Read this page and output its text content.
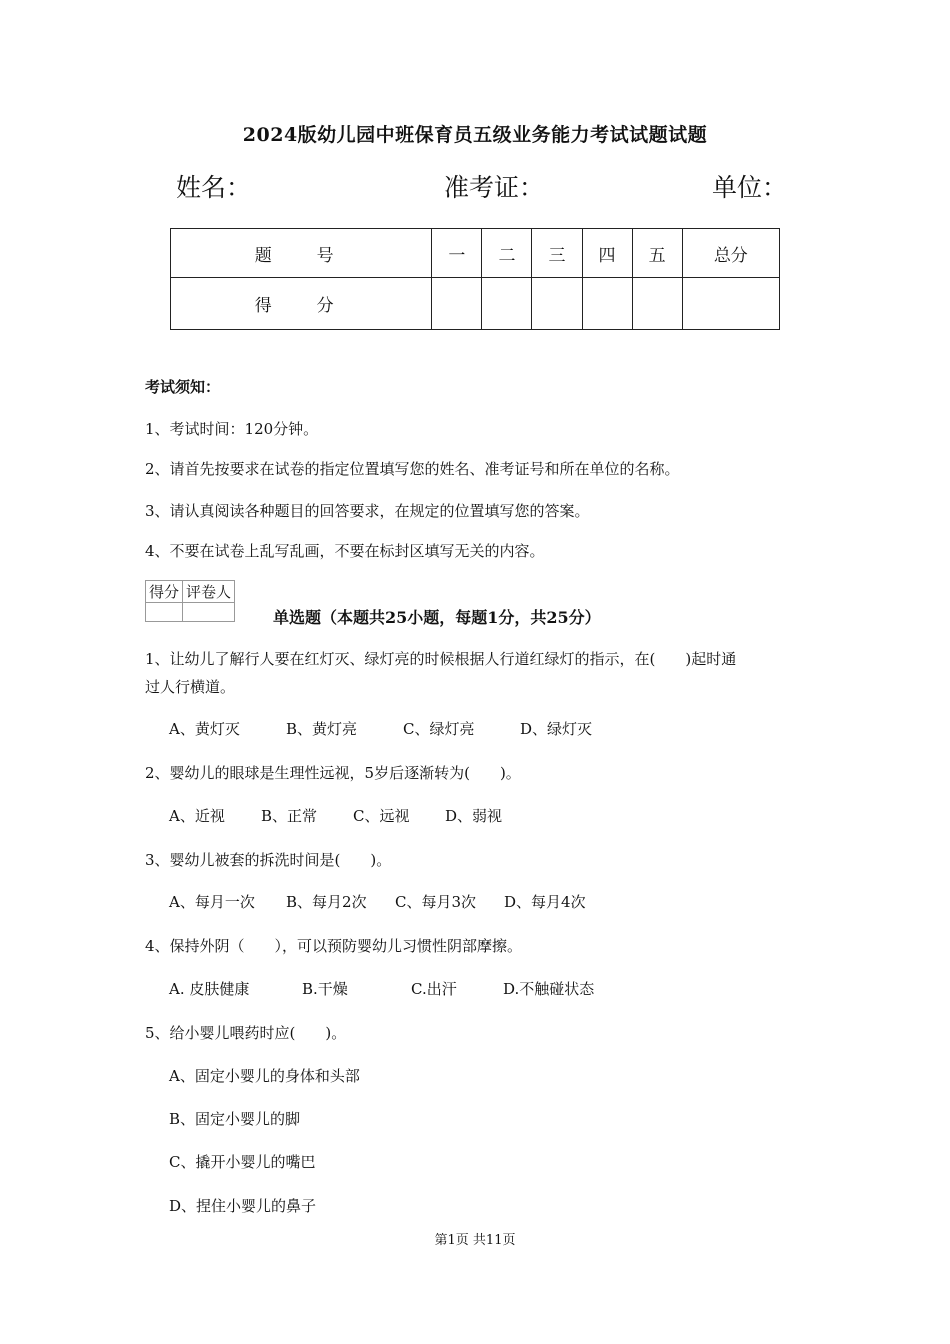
2024版幼儿园中班保育员五级业务能力考试试题试题
姓名：	准考证：	单位：
题　号	一	二	三	四	五	总分
得　分						
考试须知：
1、考试时间：120分钟。
2、请首先按要求在试卷的指定位置填写您的姓名、准考证号和所在单位的名称。
3、请认真阅读各种题目的回答要求，在规定的位置填写您的答案。
4、不要在试卷上乱写乱画，不要在标封区填写无关的内容。
得分	评卷人

单选题（本题共25小题，每题1分，共25分）
1、让幼儿了解行人要在红灯灭、绿灯亮的时候根据人行道红绿灯的指示，在(　　)起时通
过人行横道。
A、黄灯灭	B、黄灯亮	C、绿灯亮	D、绿灯灭
2、婴幼儿的眼球是生理性远视，5岁后逐渐转为(　　)。
A、近视 B、正常 C、远视 D、弱视
3、婴幼儿被套的拆洗时间是(　　)。
A、每月一次 B、每月2次 C、每月3次 D、每月4次
4、保持外阴（　　），可以预防婴幼儿习惯性阴部摩擦。
A. 皮肤健康	B.干燥	C.出汗	D.不触碰状态
5、给小婴儿喂药时应(　　)。
A、固定小婴儿的身体和头部
B、固定小婴儿的脚
C、撬开小婴儿的嘴巴
D、捏住小婴儿的鼻子
第1页 共11页
